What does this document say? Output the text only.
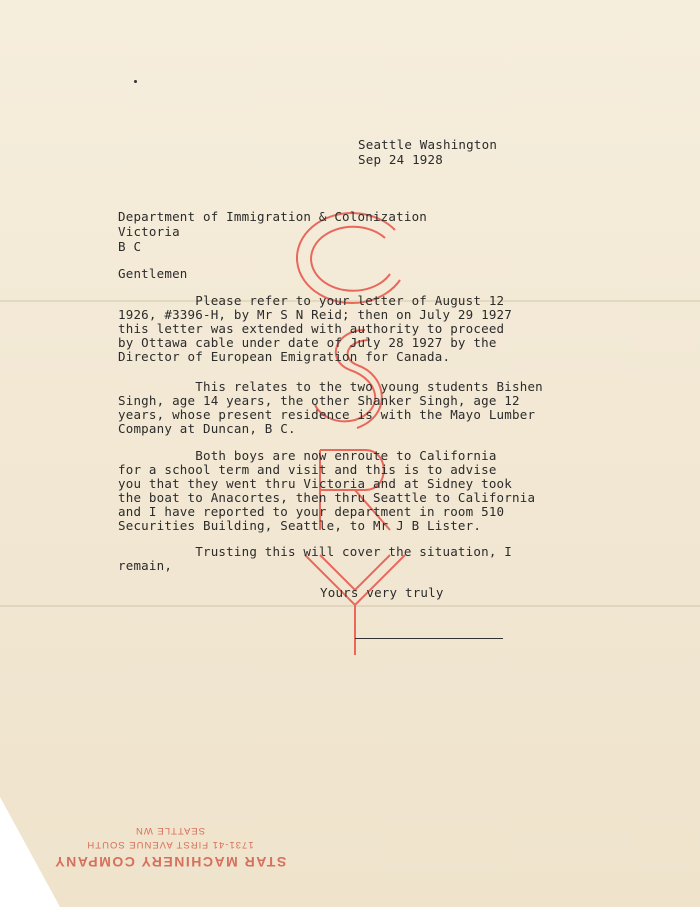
Seattle Washington
Sep 24 1928
Department of Immigration & Colonization
Victoria
B C
Gentlemen
Please refer to your letter of August 12
1926, #3396-H, by Mr S N Reid; then on July 29 1927
this letter was extended with authority to proceed
by Ottawa cable under date of July 28 1927 by the
Director of European Emigration for Canada.
This relates to the two young students Bishen
Singh, age 14 years, the other Shanker Singh, age 12
years, whose present residence is with the Mayo Lumber
Company at Duncan, B C.
Both boys are now enroute to California
for a school term and visit and this is to advise
you that they went thru Victoria and at Sidney took
the boat to Anacortes, then thru Seattle to California
and I have reported to your department in room 510
Securities Building, Seattle, to Mr J B Lister.
Trusting this will cover the situation, I
remain,
Yours very truly
STAR MACHINERY COMPANY
1731-41 FIRST AVENUE SOUTH
SEATTLE WN
